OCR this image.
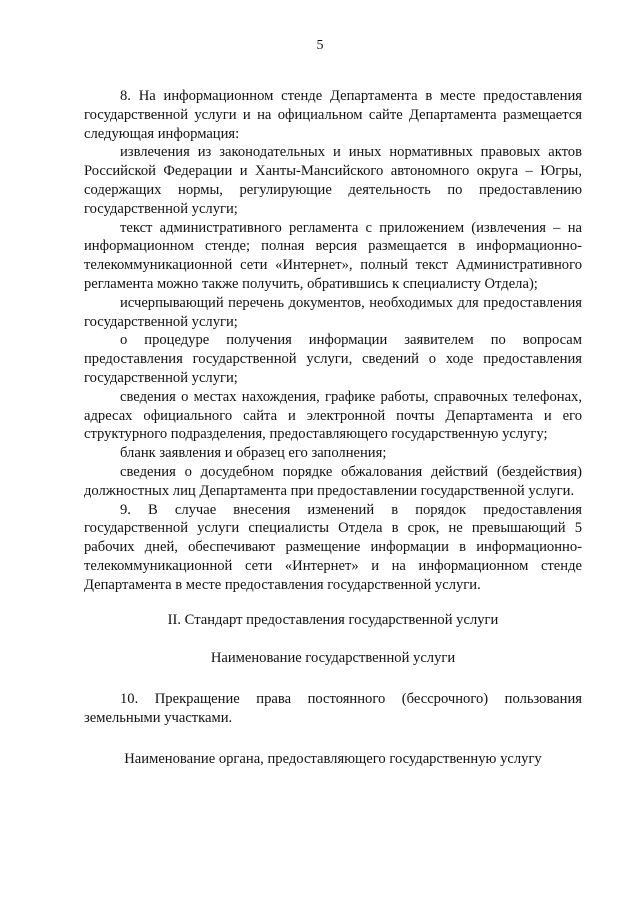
5

8. На информационном стенде Департамента в месте предоставления государственной услуги и на официальном сайте Департамента размещается следующая информация:

извлечения из законодательных и иных нормативных правовых актов Российской Федерации и Ханты-Мансийского автономного округа – Югры, содержащих нормы, регулирующие деятельность по предоставлению государственной услуги;

текст административного регламента с приложением (извлечения – на информационном стенде; полная версия размещается в информационно-телекоммуникационной сети «Интернет», полный текст Административного регламента можно также получить, обратившись к специалисту Отдела);

исчерпывающий перечень документов, необходимых для предоставления государственной услуги;

о процедуре получения информации заявителем по вопросам предоставления государственной услуги, сведений о ходе предоставления государственной услуги;

сведения о местах нахождения, графике работы, справочных телефонах, адресах официального сайта и электронной почты Департамента и его структурного подразделения, предоставляющего государственную услугу;

бланк заявления и образец его заполнения;

сведения о досудебном порядке обжалования действий (бездействия) должностных лиц Департамента при предоставлении государственной услуги.

9. В случае внесения изменений в порядок предоставления государственной услуги специалисты Отдела в срок, не превышающий 5 рабочих дней, обеспечивают размещение информации в информационно-телекоммуникационной сети «Интернет» и на информационном стенде Департамента в месте предоставления государственной услуги.

II. Стандарт предоставления государственной услуги

Наименование государственной услуги

10. Прекращение права постоянного (бессрочного) пользования земельными участками.

Наименование органа, предоставляющего государственную услугу
